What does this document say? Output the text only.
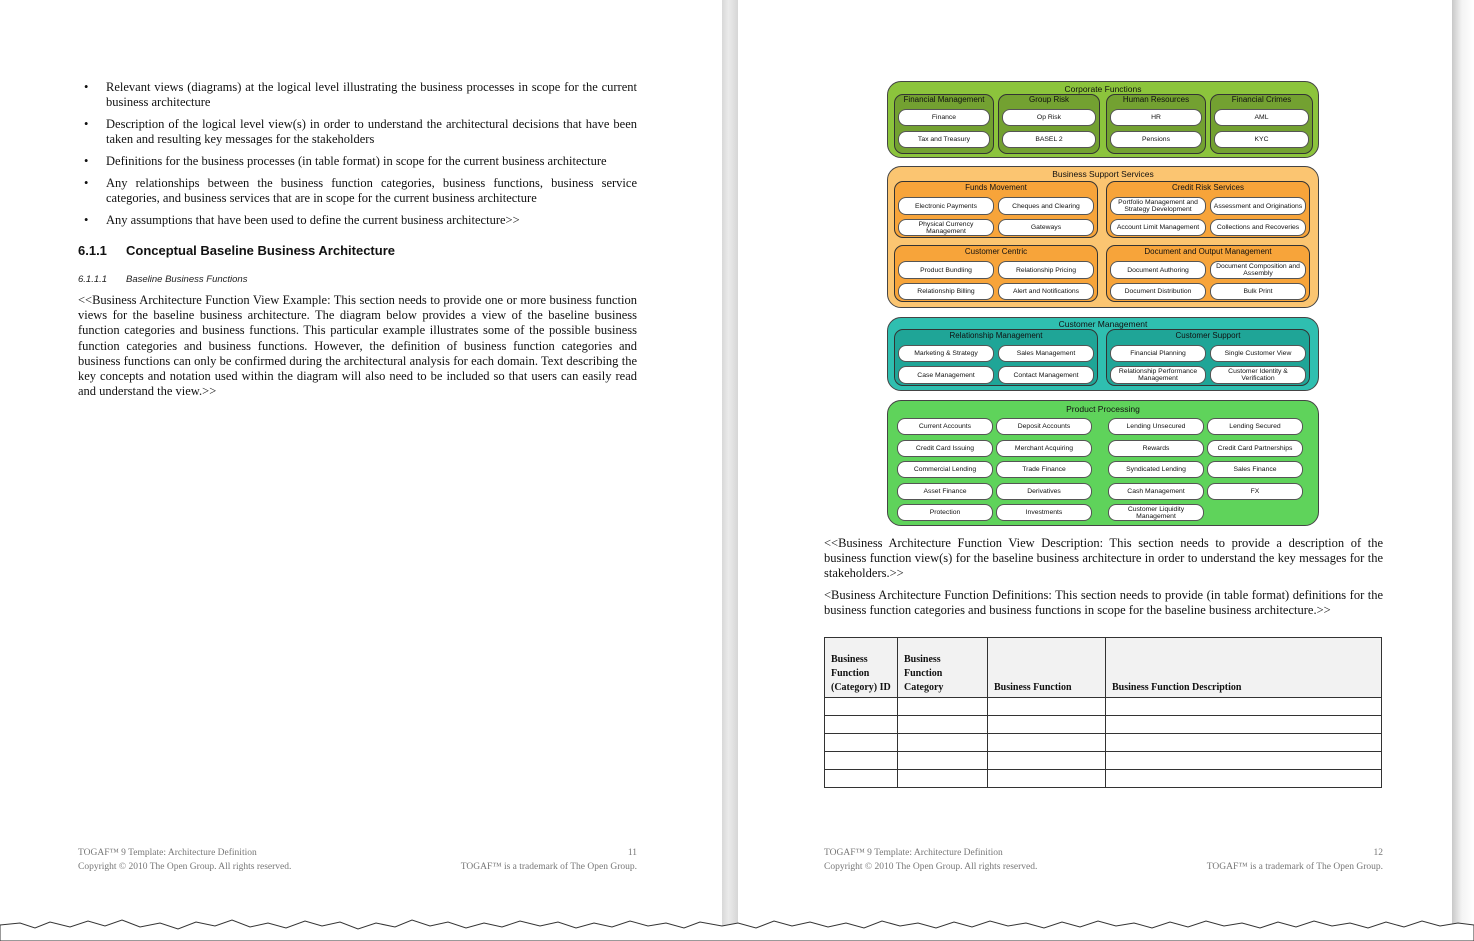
• Relevant views (diagrams) at the logical level illustrating the business processes in scope for the current business architecture
• Description of the logical level view(s) in order to understand the architectural decisions that have been taken and resulting key messages for the stakeholders
• Definitions for the business processes (in table format) in scope for the current business architecture
• Any relationships between the business function categories, business functions, business service categories, and business services that are in scope for the current business architecture
• Any assumptions that have been used to define the current business architecture>>
6.1.1 Conceptual Baseline Business Architecture
6.1.1.1 Baseline Business Functions

<<Business Architecture Function View Example: This section needs to provide one or more business function views for the baseline business architecture. The diagram below provides a view of the baseline business function categories and business functions. This particular example illustrates some of the possible business function categories and business functions. However, the definition of business function categories and business functions can only be confirmed during the architectural analysis for each domain. Text describing the key concepts and notation used within the diagram will also need to be included so that users can easily read and understand the view.>>

TOGAF™ 9 Template: Architecture Definition
Copyright © 2010 The Open Group. All rights reserved.
11
TOGAF™ is a trademark of The Open Group.
Corporate Functions
Financial Management
Finance
Tax and Treasury
Group Risk
Op Risk
BASEL 2
Human Resources
HR
Pensions
Financial Crimes
AML
KYC
Business Support Services
Funds Movement
Electronic Payments	Cheques and Clearing
Physical Currency Management	Gateways
Credit Risk Services
Portfolio Management and Strategy Development	Assessment and Originations
Account Limit Management	Collections and Recoveries
Customer Centric
Product Bundling	Relationship Pricing
Relationship Billing	Alert and Notifications
Document and Output Management
Document Authoring	Document Composition and Assembly
Document Distribution	Bulk Print
Customer Management
Relationship Management
Marketing & Strategy	Sales Management
Case Management	Contact Management
Customer Support
Financial Planning	Single Customer View
Relationship Performance Management
Customer Identity & Verification
Product Processing
Current Accounts	Deposit Accounts	Lending Unsecured	Lending Secured
Credit Card Issuing	Merchant Acquiring	Rewards	Credit Card Partnerships
Commercial Lending	Trade Finance	Syndicated Lending	Sales Finance
Asset Finance	Derivatives	Cash Management	FX
Protection	Investments	Customer Liquidity Management

<<Business Architecture Function View Description: This section needs to provide a description of the business function view(s) for the baseline business architecture in order to understand the key messages for the stakeholders.>>

<Business Architecture Function Definitions: This section needs to provide (in table format) definitions for the business function categories and business functions in scope for the baseline business architecture.>>

Business Function (Category) ID	Business Function Category	Business Function	Business Function Description

TOGAF™ 9 Template: Architecture Definition
Copyright © 2010 The Open Group. All rights reserved.
12
TOGAF™ is a trademark of The Open Group.
